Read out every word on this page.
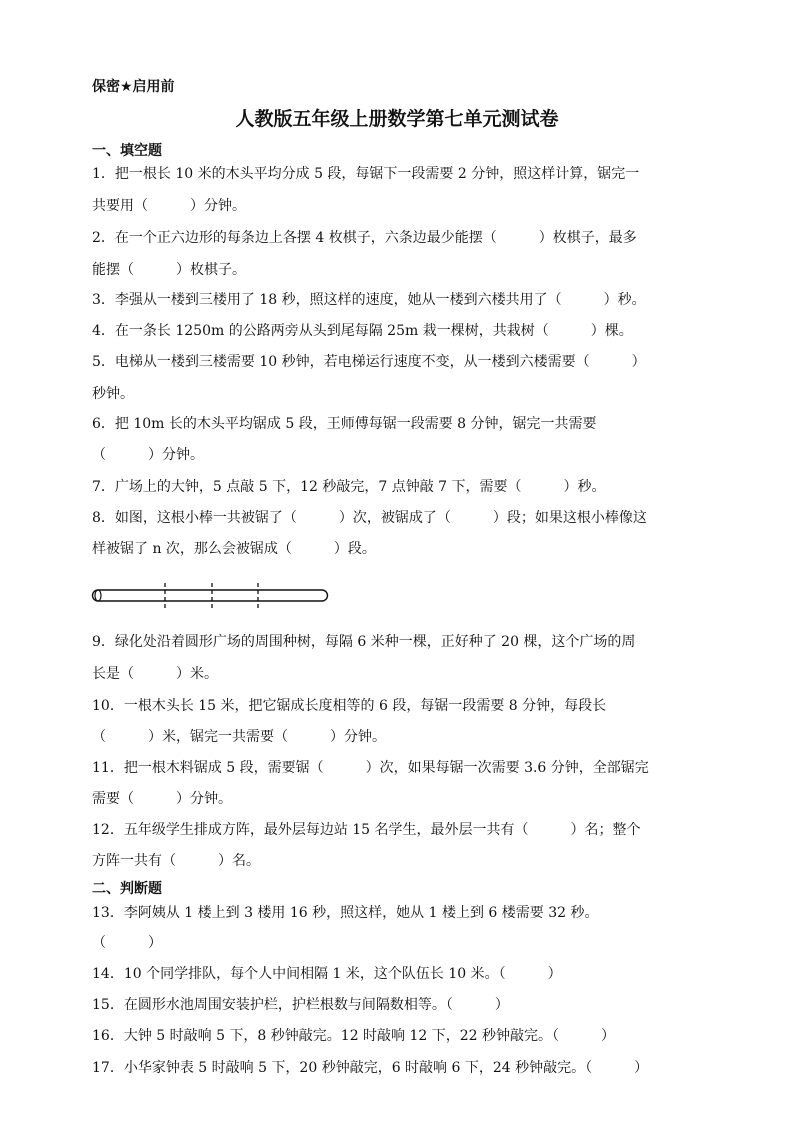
保密★启用前
人教版五年级上册数学第七单元测试卷
一、填空题
1．把一根长 10 米的木头平均分成 5 段，每锯下一段需要 2 分钟，照这样计算，锯完一
共要用（　　　）分钟。
2．在一个正六边形的每条边上各摆 4 枚棋子，六条边最少能摆（　　　）枚棋子，最多
能摆（　　　）枚棋子。
3．李强从一楼到三楼用了 18 秒，照这样的速度，她从一楼到六楼共用了（　　　）秒。
4．在一条长 1250m 的公路两旁从头到尾每隔 25m 栽一棵树，共栽树（　　　）棵。
5．电梯从一楼到三楼需要 10 秒钟，若电梯运行速度不变，从一楼到六楼需要（　　　）
秒钟。
6．把 10m 长的木头平均锯成 5 段，王师傅每锯一段需要 8 分钟，锯完一共需要
（　　　）分钟。
7．广场上的大钟，5 点敲 5 下，12 秒敲完，7 点钟敲 7 下，需要（　　　）秒。
8．如图，这根小棒一共被锯了（　　　）次，被锯成了（　　　）段；如果这根小棒像这
样被锯了 n 次，那么会被锯成（　　　）段。
9．绿化处沿着圆形广场的周围种树，每隔 6 米种一棵，正好种了 20 棵，这个广场的周
长是（　　　）米。
10．一根木头长 15 米，把它锯成长度相等的 6 段，每锯一段需要 8 分钟，每段长
（　　　）米，锯完一共需要（　　　）分钟。
11．把一根木料锯成 5 段，需要锯（　　　）次，如果每锯一次需要 3.6 分钟，全部锯完
需要（　　　）分钟。
12．五年级学生排成方阵，最外层每边站 15 名学生，最外层一共有（　　　）名；整个
方阵一共有（　　　）名。
二、判断题
13．李阿姨从 1 楼上到 3 楼用 16 秒，照这样，她从 1 楼上到 6 楼需要 32 秒。
（　　　）
14．10 个同学排队，每个人中间相隔 1 米，这个队伍长 10 米。（　　　）
15．在圆形水池周围安装护栏，护栏根数与间隔数相等。（　　　）
16．大钟 5 时敲响 5 下，8 秒钟敲完。12 时敲响 12 下，22 秒钟敲完。（　　　）
17．小华家钟表 5 时敲响 5 下，20 秒钟敲完，6 时敲响 6 下，24 秒钟敲完。（　　　）
